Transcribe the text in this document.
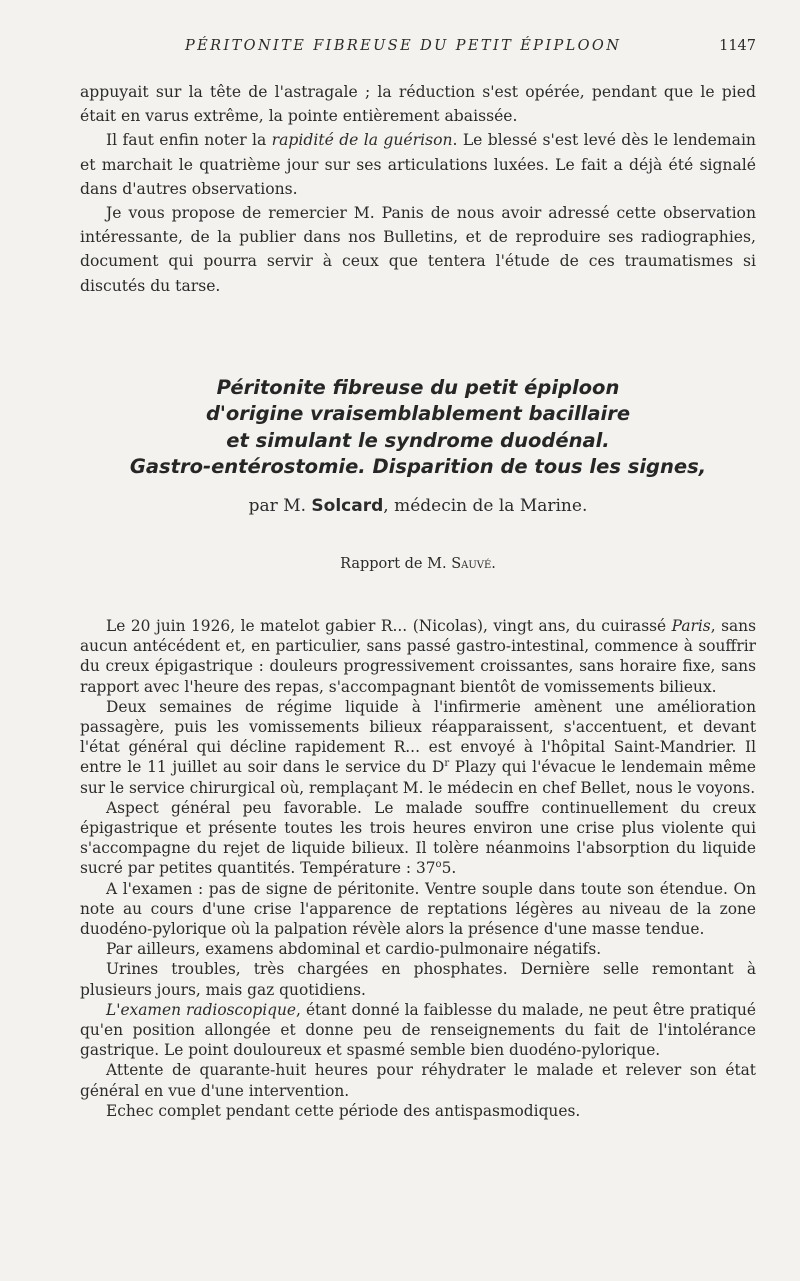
PÉRITONITE FIBREUSE DU PETIT ÉPIPLOON	1147

appuyait sur la tête de l'astragale ; la réduction s'est opérée, pendant que le pied était en varus extrême, la pointe entièrement abaissée.

Il faut enfin noter la rapidité de la guérison. Le blessé s'est levé dès le lendemain et marchait le quatrième jour sur ses articulations luxées. Le fait a déjà été signalé dans d'autres observations.

Je vous propose de remercier M. Panis de nous avoir adressé cette observation intéressante, de la publier dans nos Bulletins, et de reproduire ses radiographies, document qui pourra servir à ceux que tentera l'étude de ces traumatismes si discutés du tarse.

Péritonite fibreuse du petit épiploon
d'origine vraisemblablement bacillaire
et simulant le syndrome duodénal.
Gastro-entérostomie. Disparition de tous les signes,
par M. Solcard, médecin de la Marine.
Rapport de M. Sauvé.

Le 20 juin 1926, le matelot gabier R... (Nicolas), vingt ans, du cuirassé Paris, sans aucun antécédent et, en particulier, sans passé gastro-intestinal, commence à souffrir du creux épigastrique : douleurs progressivement croissantes, sans horaire fixe, sans rapport avec l'heure des repas, s'accompagnant bientôt de vomissements bilieux.

Deux semaines de régime liquide à l'infirmerie amènent une amélioration passagère, puis les vomissements bilieux réapparaissent, s'accentuent, et devant l'état général qui décline rapidement R... est envoyé à l'hôpital Saint-Mandrier. Il entre le 11 juillet au soir dans le service du $D^r$ Plazy qui l'évacue le lendemain même sur le service chirurgical où, remplaçant M. le médecin en chef Bellet, nous le voyons.

Aspect général peu favorable. Le malade souffre continuellement du creux épigastrique et présente toutes les trois heures environ une crise plus violente qui s'accompagne du rejet de liquide bilieux. Il tolère néanmoins l'absorption du liquide sucré par petites quantités. Température : 37$^o$5.

A l'examen : pas de signe de péritonite. Ventre souple dans toute son étendue. On note au cours d'une crise l'apparence de reptations légères au niveau de la zone duodéno-pylorique où la palpation révèle alors la présence d'une masse tendue.

Par ailleurs, examens abdominal et cardio-pulmonaire négatifs.

Urines troubles, très chargées en phosphates. Dernière selle remontant à plusieurs jours, mais gaz quotidiens.

L'examen radioscopique, étant donné la faiblesse du malade, ne peut être pratiqué qu'en position allongée et donne peu de renseignements du fait de l'intolérance gastrique. Le point douloureux et spasmé semble bien duodéno-pylorique.

Attente de quarante-huit heures pour réhydrater le malade et relever son état général en vue d'une intervention.

Echec complet pendant cette période des antispasmodiques.
